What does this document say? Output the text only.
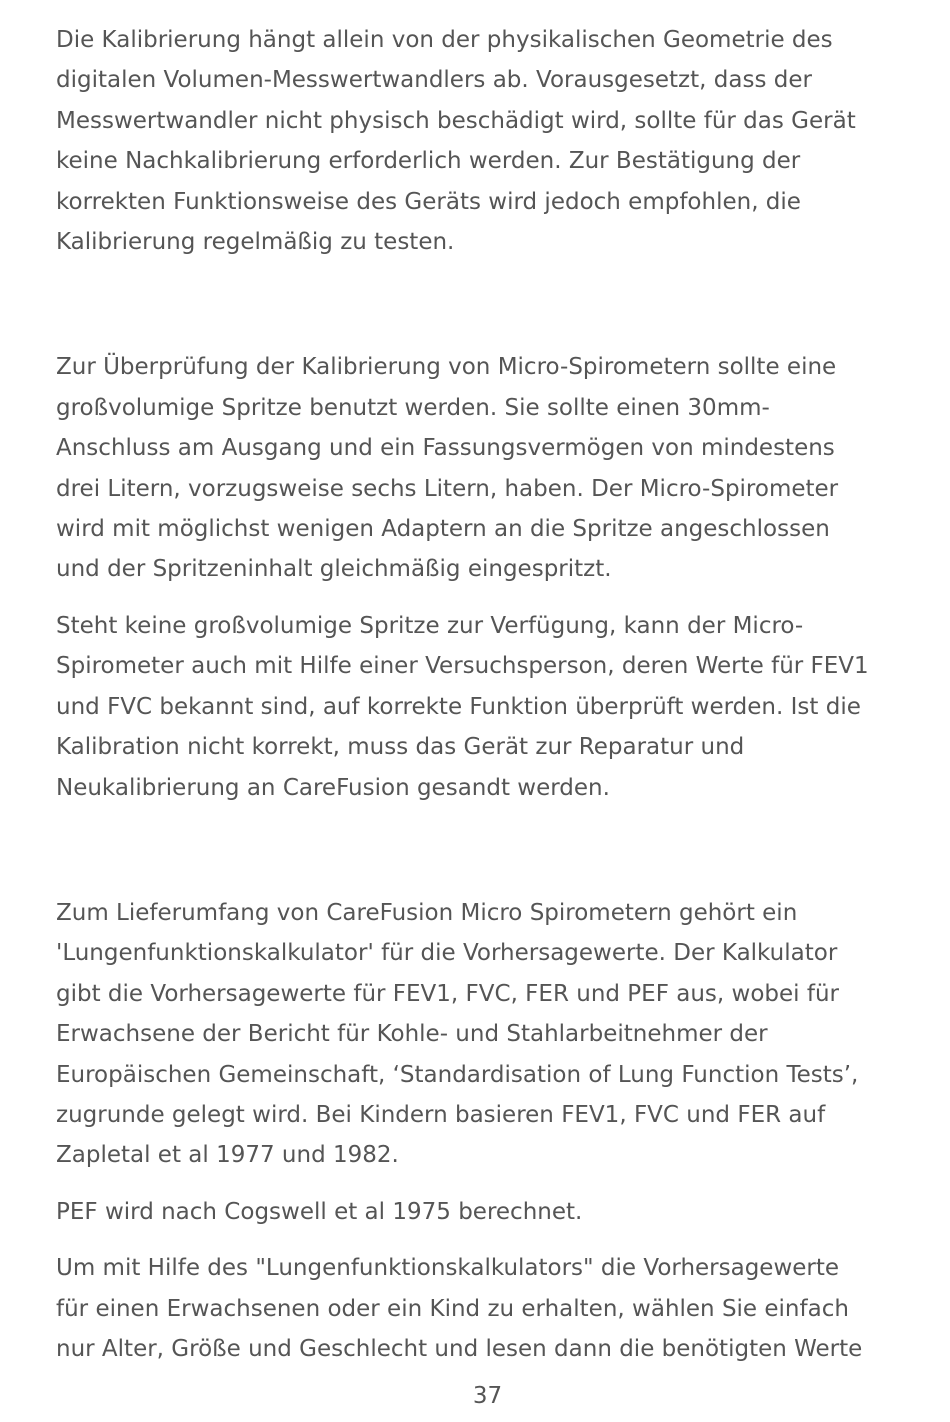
Die Kalibrierung hängt allein von der physikalischen Geometrie des
digitalen Volumen-Messwertwandlers ab. Vorausgesetzt, dass der
Messwertwandler nicht physisch beschädigt wird, sollte für das Gerät
keine Nachkalibrierung erforderlich werden. Zur Bestätigung der
korrekten Funktionsweise des Geräts wird jedoch empfohlen, die
Kalibrierung regelmäßig zu testen.

Zur Überprüfung der Kalibrierung von Micro-Spirometern sollte eine
großvolumige Spritze benutzt werden. Sie sollte einen 30mm-
Anschluss am Ausgang und ein Fassungsvermögen von mindestens
drei Litern, vorzugsweise sechs Litern, haben. Der Micro-Spirometer
wird mit möglichst wenigen Adaptern an die Spritze angeschlossen
und der Spritzeninhalt gleichmäßig eingespritzt.

Steht keine großvolumige Spritze zur Verfügung, kann der Micro-
Spirometer auch mit Hilfe einer Versuchsperson, deren Werte für FEV1
und FVC bekannt sind, auf korrekte Funktion überprüft werden. Ist die
Kalibration nicht korrekt, muss das Gerät zur Reparatur und
Neukalibrierung an CareFusion gesandt werden.

Zum Lieferumfang von CareFusion Micro Spirometern gehört ein
'Lungenfunktionskalkulator' für die Vorhersagewerte. Der Kalkulator
gibt die Vorhersagewerte für FEV1, FVC, FER und PEF aus, wobei für
Erwachsene der Bericht für Kohle- und Stahlarbeitnehmer der
Europäischen Gemeinschaft, ‘Standardisation of Lung Function Tests’,
zugrunde gelegt wird. Bei Kindern basieren FEV1, FVC und FER auf
Zapletal et al 1977 und 1982.

PEF wird nach Cogswell et al 1975 berechnet.

Um mit Hilfe des "Lungenfunktionskalkulators" die Vorhersagewerte
für einen Erwachsenen oder ein Kind zu erhalten, wählen Sie einfach
nur Alter, Größe und Geschlecht und lesen dann die benötigten Werte

37
